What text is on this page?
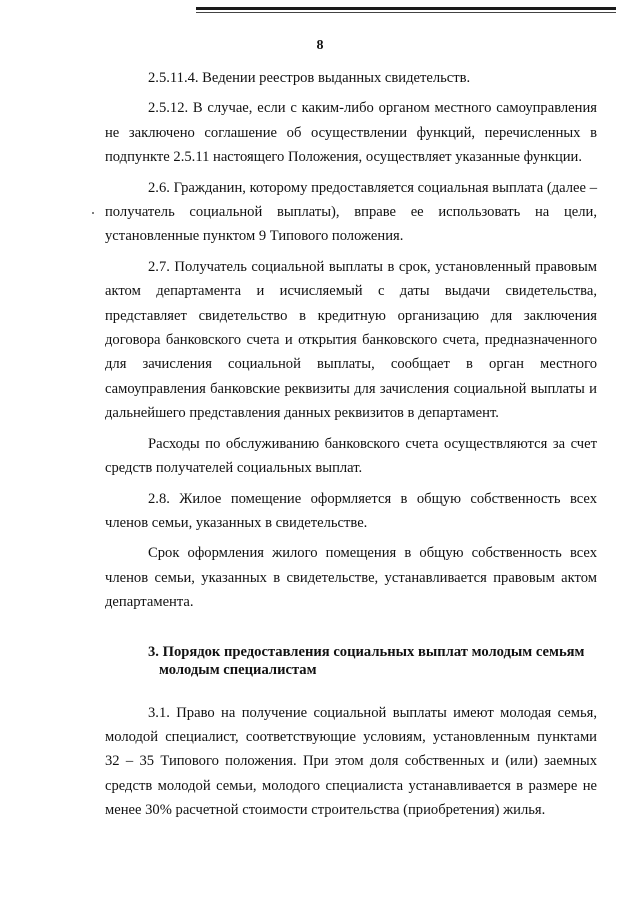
8

2.5.11.4. Ведении реестров выданных свидетельств.

2.5.12. В случае, если с каким-либо органом местного самоуправления не заключено соглашение об осуществлении функций, перечисленных в подпункте 2.5.11 настоящего Положения, осуществляет указанные функции.

2.6. Гражданин, которому предоставляется социальная выплата (далее – получатель социальной выплаты), вправе ее использовать на цели, установленные пунктом 9 Типового положения.

2.7. Получатель социальной выплаты в срок, установленный правовым актом департамента и исчисляемый с даты выдачи свидетельства, представляет свидетельство в кредитную организацию для заключения договора банковского счета и открытия банковского счета, предназначенного для зачисления социальной выплаты, сообщает в орган местного самоуправления банковские реквизиты для зачисления социальной выплаты и дальнейшего представления данных реквизитов в департамент.

Расходы по обслуживанию банковского счета осуществляются за счет средств получателей социальных выплат.

2.8. Жилое помещение оформляется в общую собственность всех членов семьи, указанных в свидетельстве.

Срок оформления жилого помещения в общую собственность всех членов семьи, указанных в свидетельстве, устанавливается правовым актом департамента.

3. Порядок предоставления социальных выплат молодым семьям
молодым специалистам

3.1. Право на получение социальной выплаты имеют молодая семья, молодой специалист, соответствующие условиям, установленным пунктами 32 – 35 Типового положения. При этом доля собственных и (или) заемных средств молодой семьи, молодого специалиста устанавливается в размере не менее 30% расчетной стоимости строительства (приобретения) жилья.
